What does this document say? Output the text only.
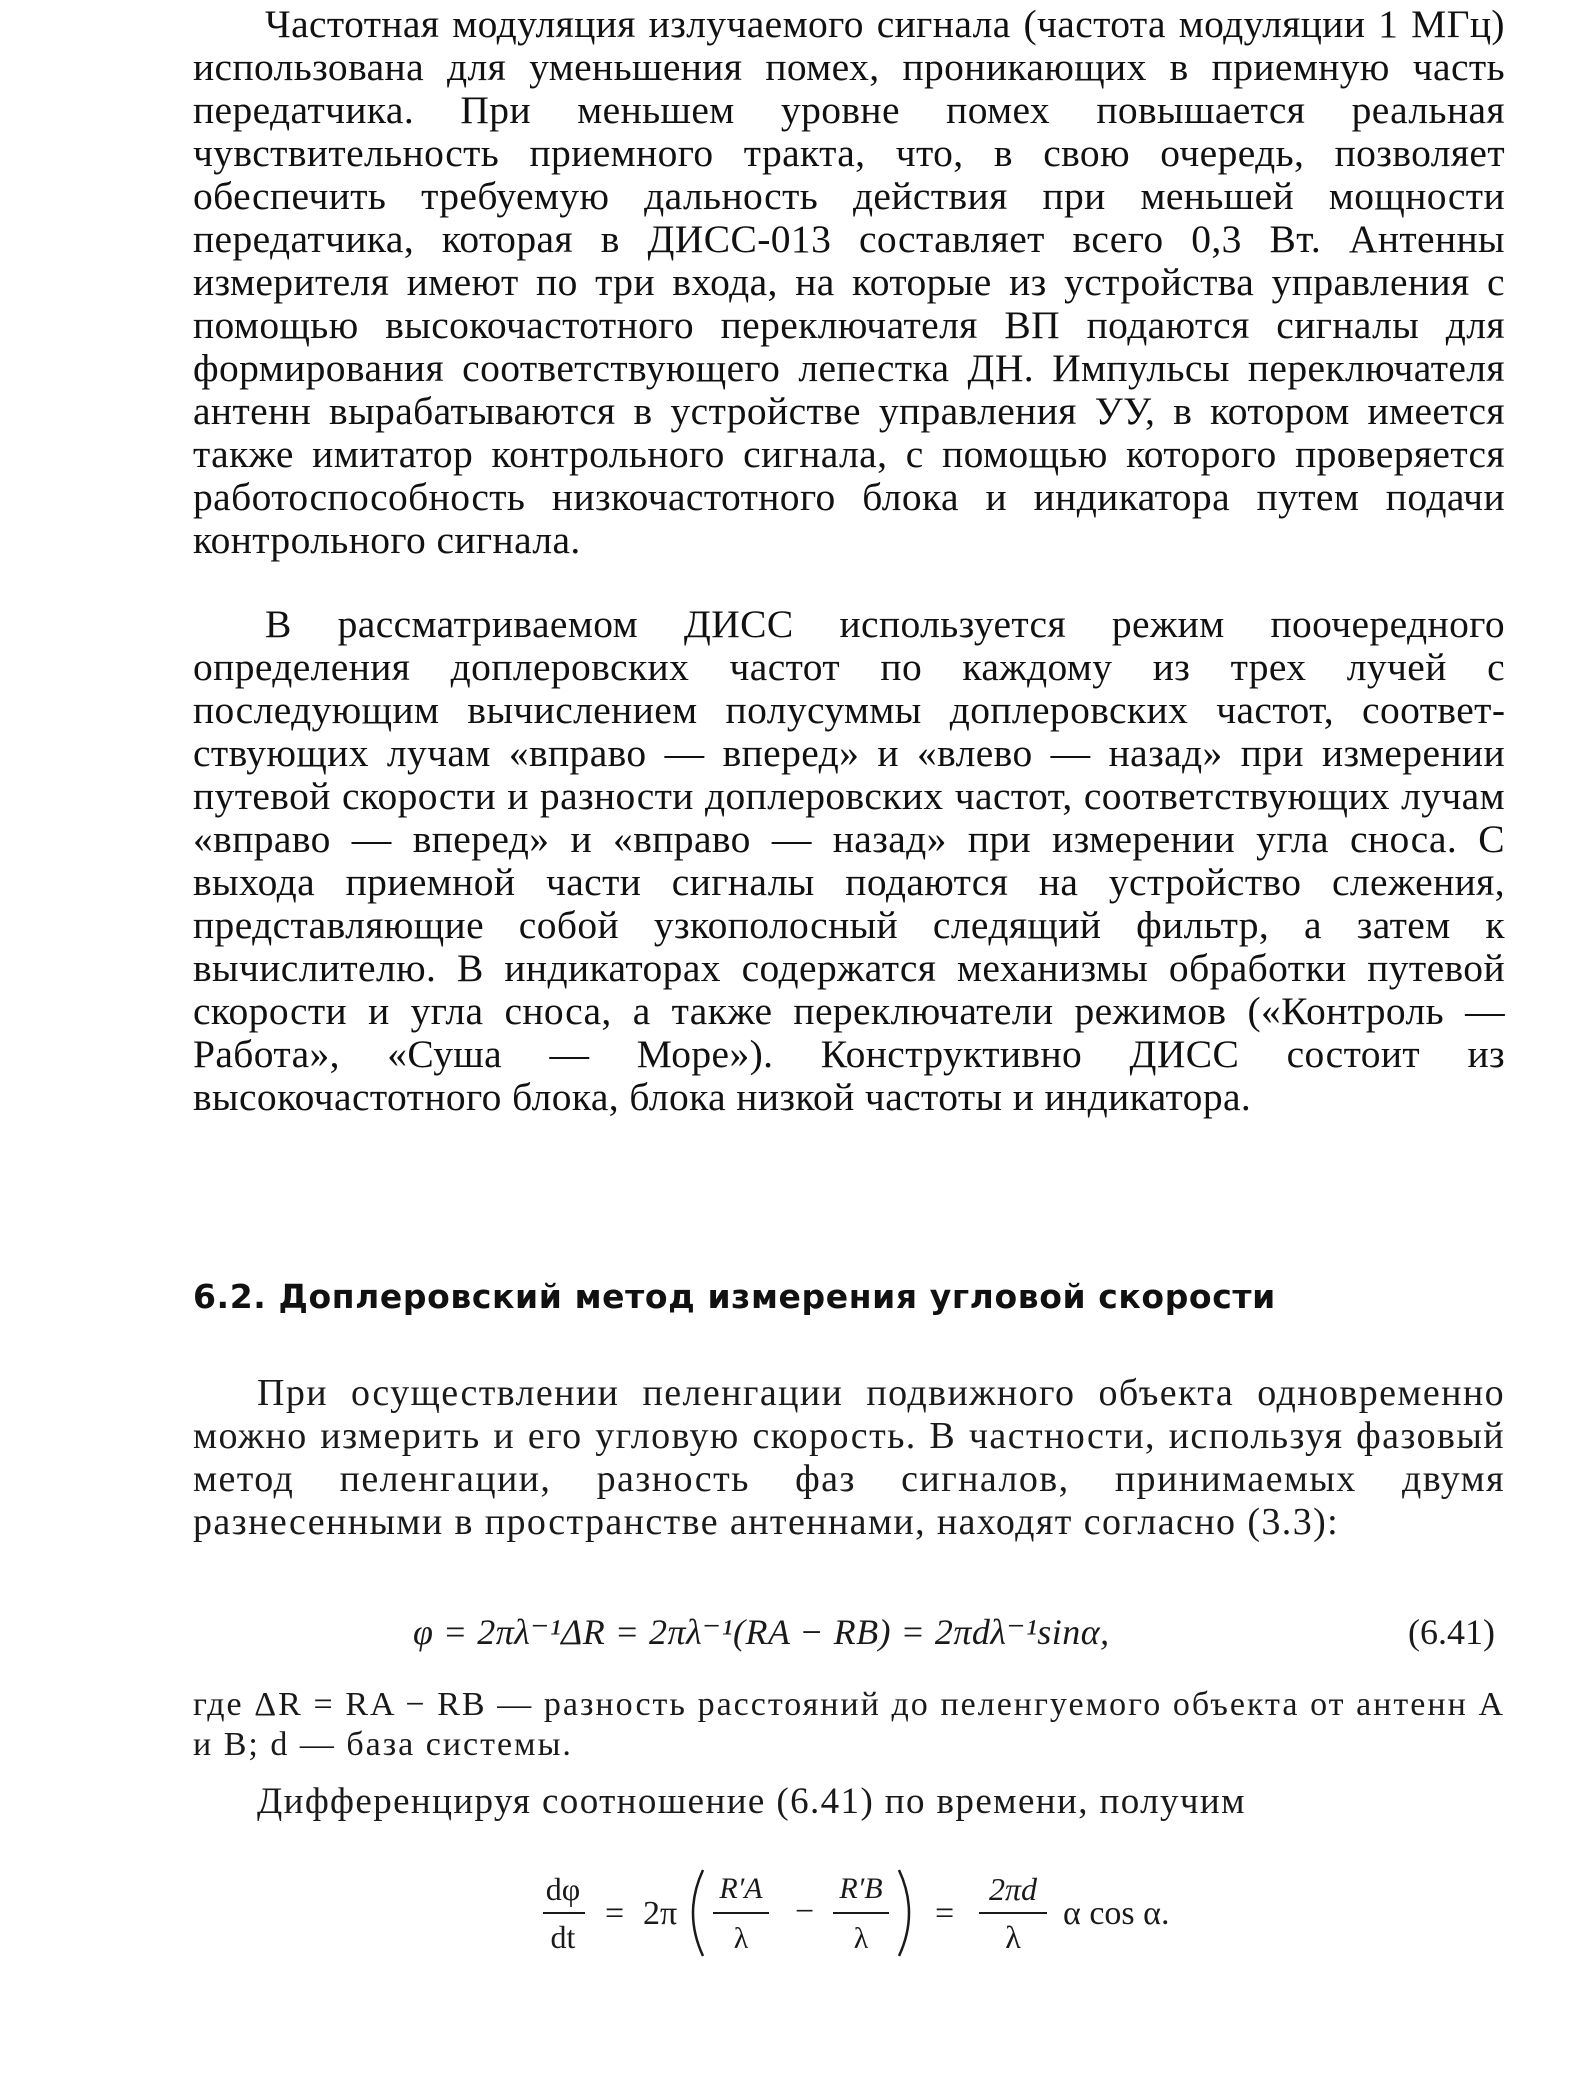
Частотная модуляция излучаемого сигнала (частота модуляции 1 МГц) использована для уменьшения помех, проникающих в приемную часть передатчика. При меньшем уровне помех повышается реальная чувствительность приемного тракта, что, в свою очередь, позволяет обеспечить требуемую дальность действия при меньшей мощности передатчика, которая в ДИСС-013 составляет всего 0,3 Вт. Антенны измерителя имеют по три входа, на которые из устройства управления с помощью высокочастотного переключателя ВП подаются сигналы для формирования соответствующего лепестка ДН. Импульсы переключателя антенн вырабатываются в устройстве управления УУ, в котором имеется также имитатор контрольного сигнала, с помощью которого проверяется работоспособность низкочастотного блока и индикатора путем подачи контрольного сигнала.

В рассматриваемом ДИСС используется режим поочередного определения доплеровских частот по каждому из трех лучей с последующим вычислением полусуммы доплеровских частот, соответствующих лучам «вправо — вперед» и «влево — назад» при измерении путевой скорости и разности доплеровских частот, соответствующих лучам «вправо — вперед» и «вправо — назад» при измерении угла сноса. С выхода приемной части сигналы подаются на устройство слежения, представляющие собой узкополосный следящий фильтр, а затем к вычислителю. В индикаторах содержатся механизмы обработки путевой скорости и угла сноса, а также переключатели режимов («Контроль — Работа», «Суша — Море»). Конструктивно ДИСС состоит из высокочастотного блока, блока низкой частоты и индикатора.

6.2. Доплеровский метод измерения угловой скорости

При осуществлении пеленгации подвижного объекта одновременно можно измерить и его угловую скорость. В частности, используя фазовый метод пеленгации, разность фаз сигналов, принимаемых двумя разнесенными в пространстве антеннами, находят согласно (3.3):

φ = 2πλ⁻¹ΔR = 2πλ⁻¹(RA − RB) = 2πdλ⁻¹sinα,	(6.41)

где ΔR = RA − RB — разность расстояний до пеленгуемого объекта от антенн A и B; d — база системы.

Дифференцируя соотношение (6.41) по времени, получим

dφ
dt
= 2π
R′A
λ
−
R′B
λ
=
2πd
λ
α cos α.
